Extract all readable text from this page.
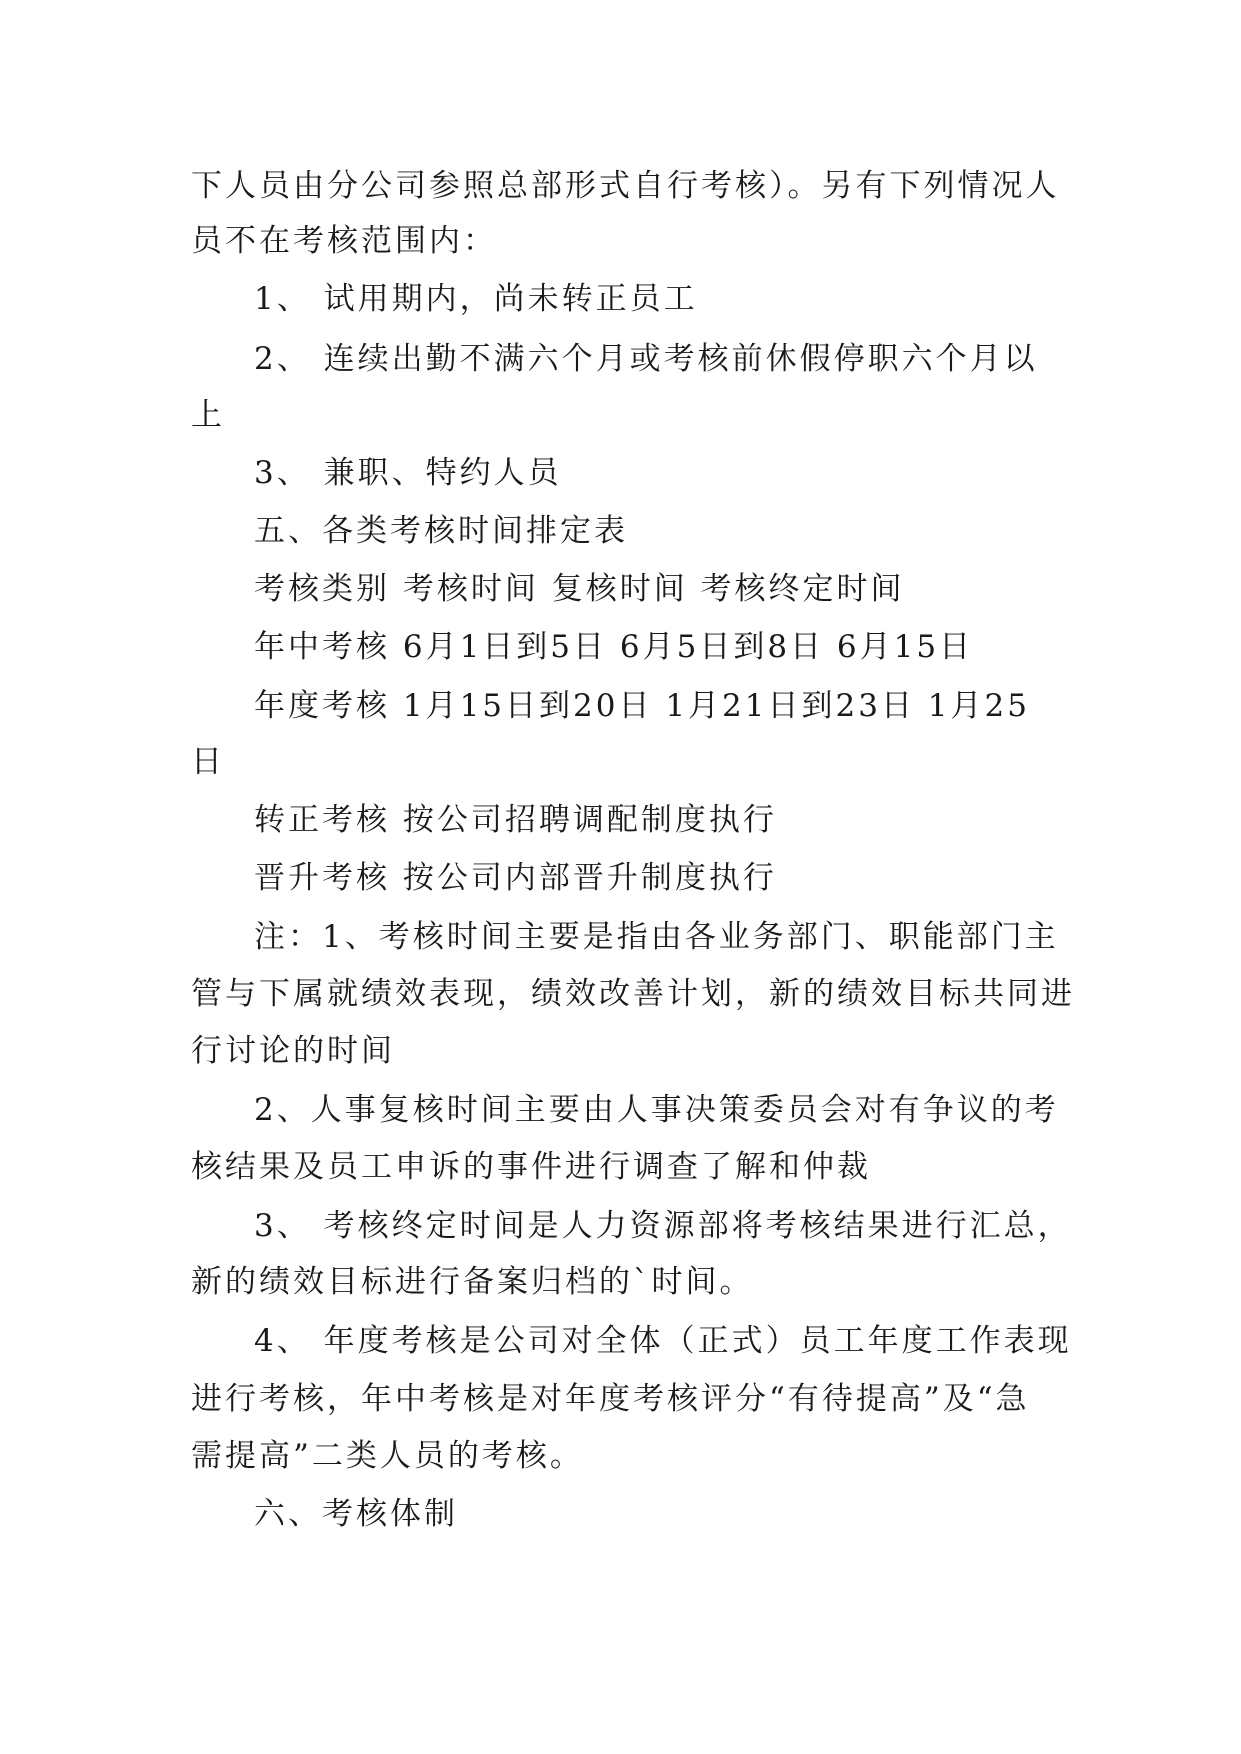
下人员由分公司参照总部形式自行考核）。另有下列情况人
员不在考核范围内：
1、 试用期内，尚未转正员工
2、 连续出勤不满六个月或考核前休假停职六个月以
上
3、 兼职、特约人员
五、各类考核时间排定表
考核类别 考核时间 复核时间 考核终定时间
年中考核 6月1日到5日 6月5日到8日 6月15日
年度考核 1月15日到20日 1月21日到23日 1月25
日
转正考核 按公司招聘调配制度执行
晋升考核 按公司内部晋升制度执行
注：1、考核时间主要是指由各业务部门、职能部门主
管与下属就绩效表现，绩效改善计划，新的绩效目标共同进
行讨论的时间
2、人事复核时间主要由人事决策委员会对有争议的考
核结果及员工申诉的事件进行调查了解和仲裁
3、 考核终定时间是人力资源部将考核结果进行汇总，
新的绩效目标进行备案归档的`时间。
4、 年度考核是公司对全体（正式）员工年度工作表现
进行考核，年中考核是对年度考核评分“有待提高”及“急
需提高”二类人员的考核。
六、考核体制
